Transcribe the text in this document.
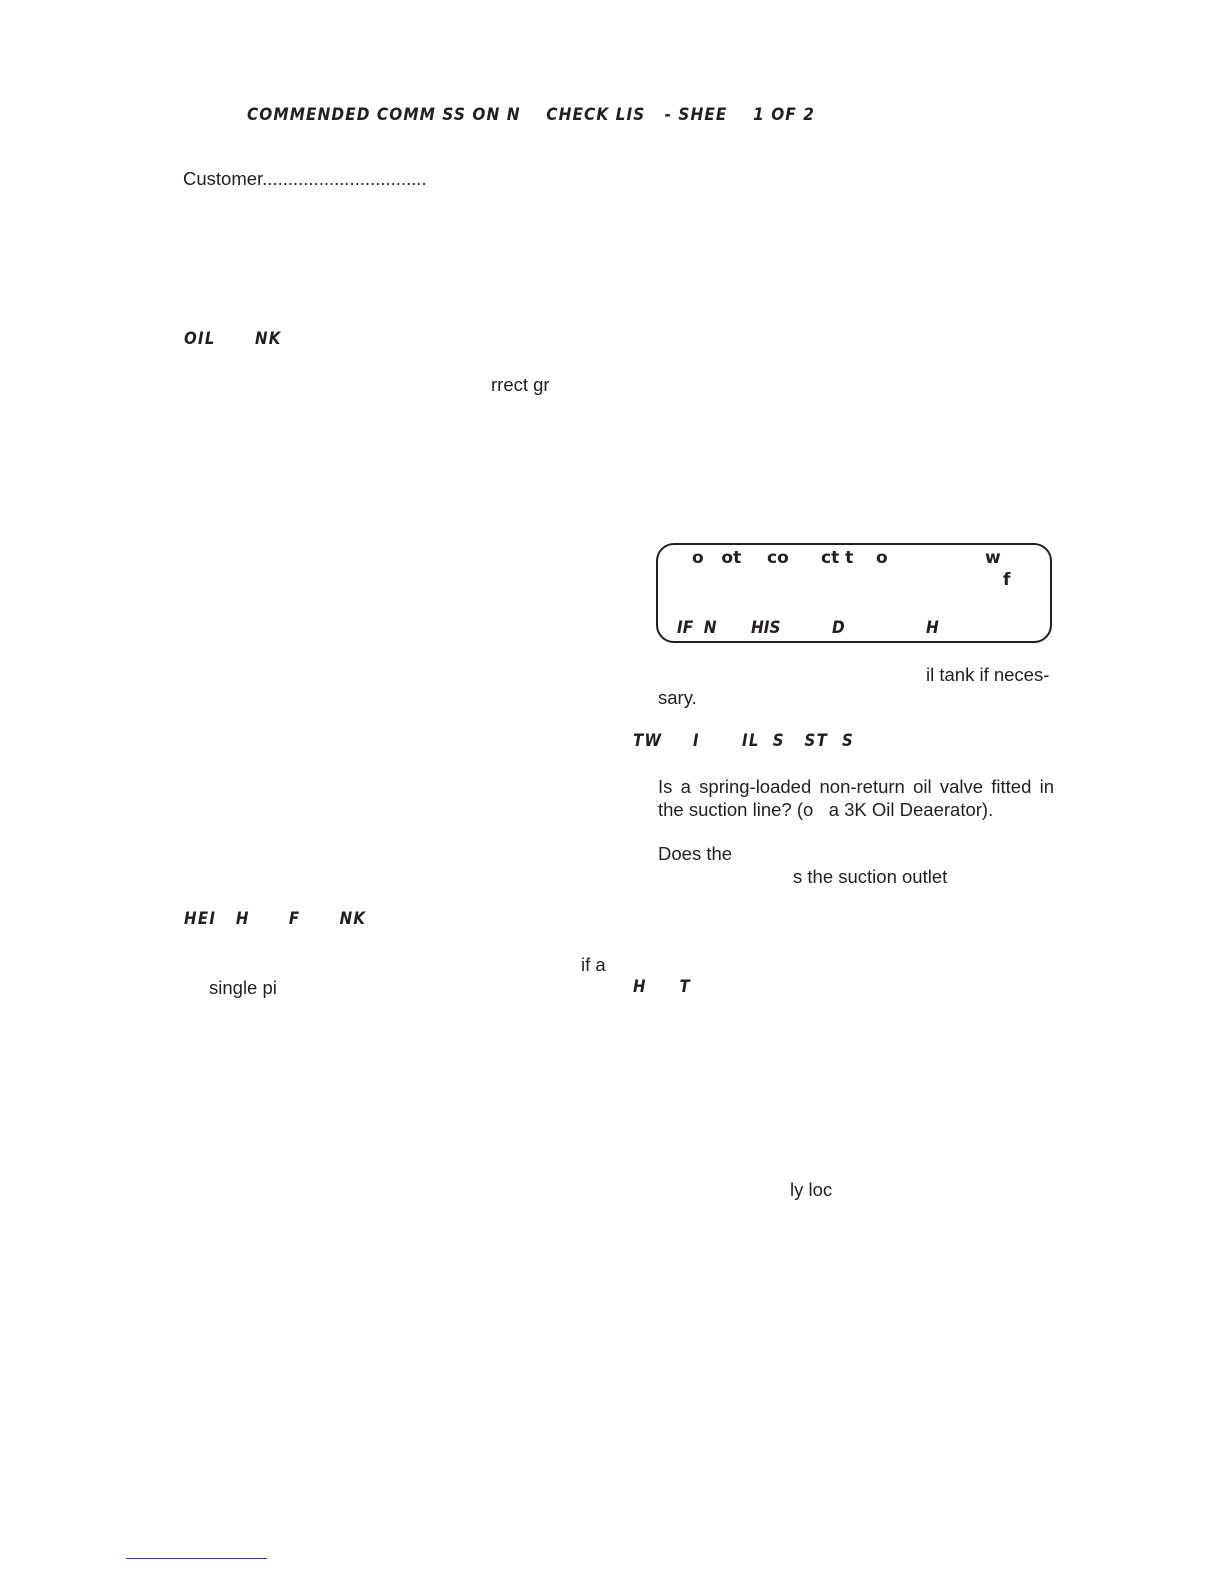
COMMENDED COMM SS ON N    CHECK LIS   - SHEE    1 OF 2
Customer................................
OIL      NK
rrect gr
o   ot co ct t o	w
f
IF  N HIS	D	H
il tank if neces-
sary.
TW I IL  S   ST S
Is a spring-loaded non-return oil valve fitted in
the suction line? (o   a 3K Oil Deaerator).
Does the
s the suction outlet
HEI   H      F      NK
if a
single pi	H     T
ly loc
